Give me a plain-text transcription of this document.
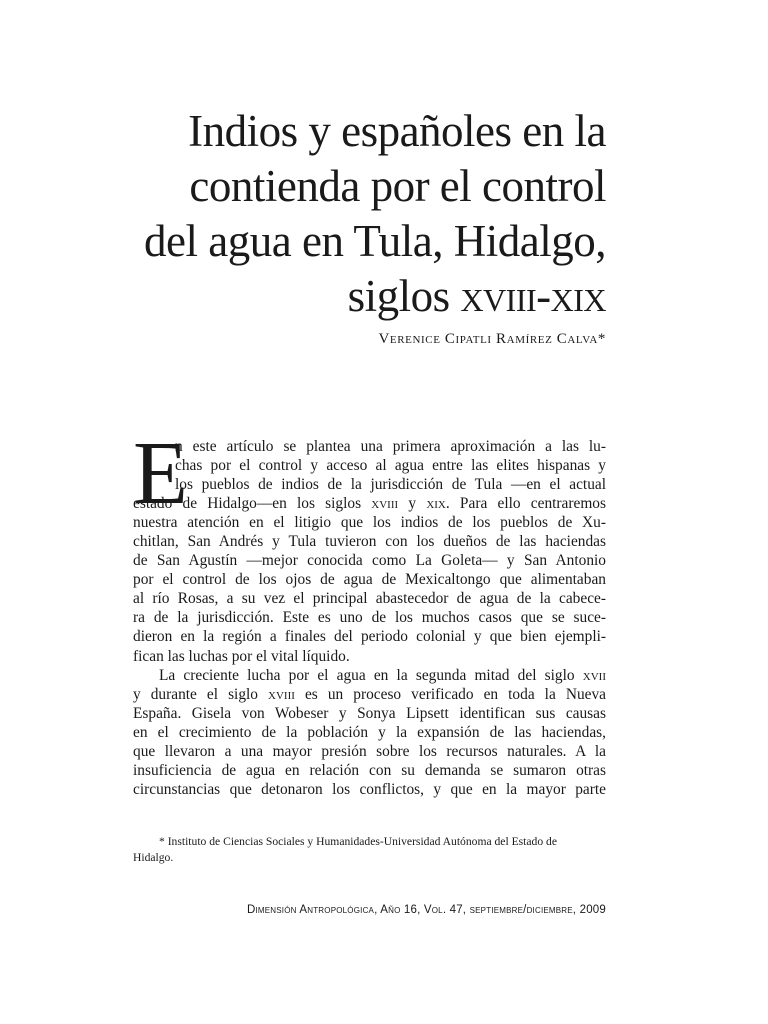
Indios y españoles en la
contienda por el control
del agua en Tula, Hidalgo,
siglos xviii-xix
Verenice Cipatli Ramírez Calva*
E
n este artículo se plantea una primera aproximación a las lu-
chas por el control y acceso al agua entre las elites hispanas y
los pueblos de indios de la jurisdicción de Tula —en el actual
estado de Hidalgo—en los siglos xviii y xix. Para ello centraremos
nuestra atención en el litigio que los indios de los pueblos de Xu-
chitlan, San Andrés y Tula tuvieron con los dueños de las haciendas
de San Agustín —mejor conocida como La Goleta— y San Antonio
por el control de los ojos de agua de Mexicaltongo que alimentaban
al río Rosas, a su vez el principal abastecedor de agua de la cabece-
ra de la jurisdicción. Este es uno de los muchos casos que se suce-
dieron en la región a finales del periodo colonial y que bien ejempli-
fican las luchas por el vital líquido.
La creciente lucha por el agua en la segunda mitad del siglo xvii
y durante el siglo xviii es un proceso verificado en toda la Nueva
España. Gisela von Wobeser y Sonya Lipsett identifican sus causas
en el crecimiento de la población y la expansión de las haciendas,
que llevaron a una mayor presión sobre los recursos naturales. A la
insuficiencia de agua en relación con su demanda se sumaron otras
circunstancias que detonaron los conflictos, y que en la mayor parte
* Instituto de Ciencias Sociales y Humanidades-Universidad Autónoma del Estado de
Hidalgo.
Dimensión Antropológica, Año 16, Vol. 47, septiembre/diciembre, 2009
